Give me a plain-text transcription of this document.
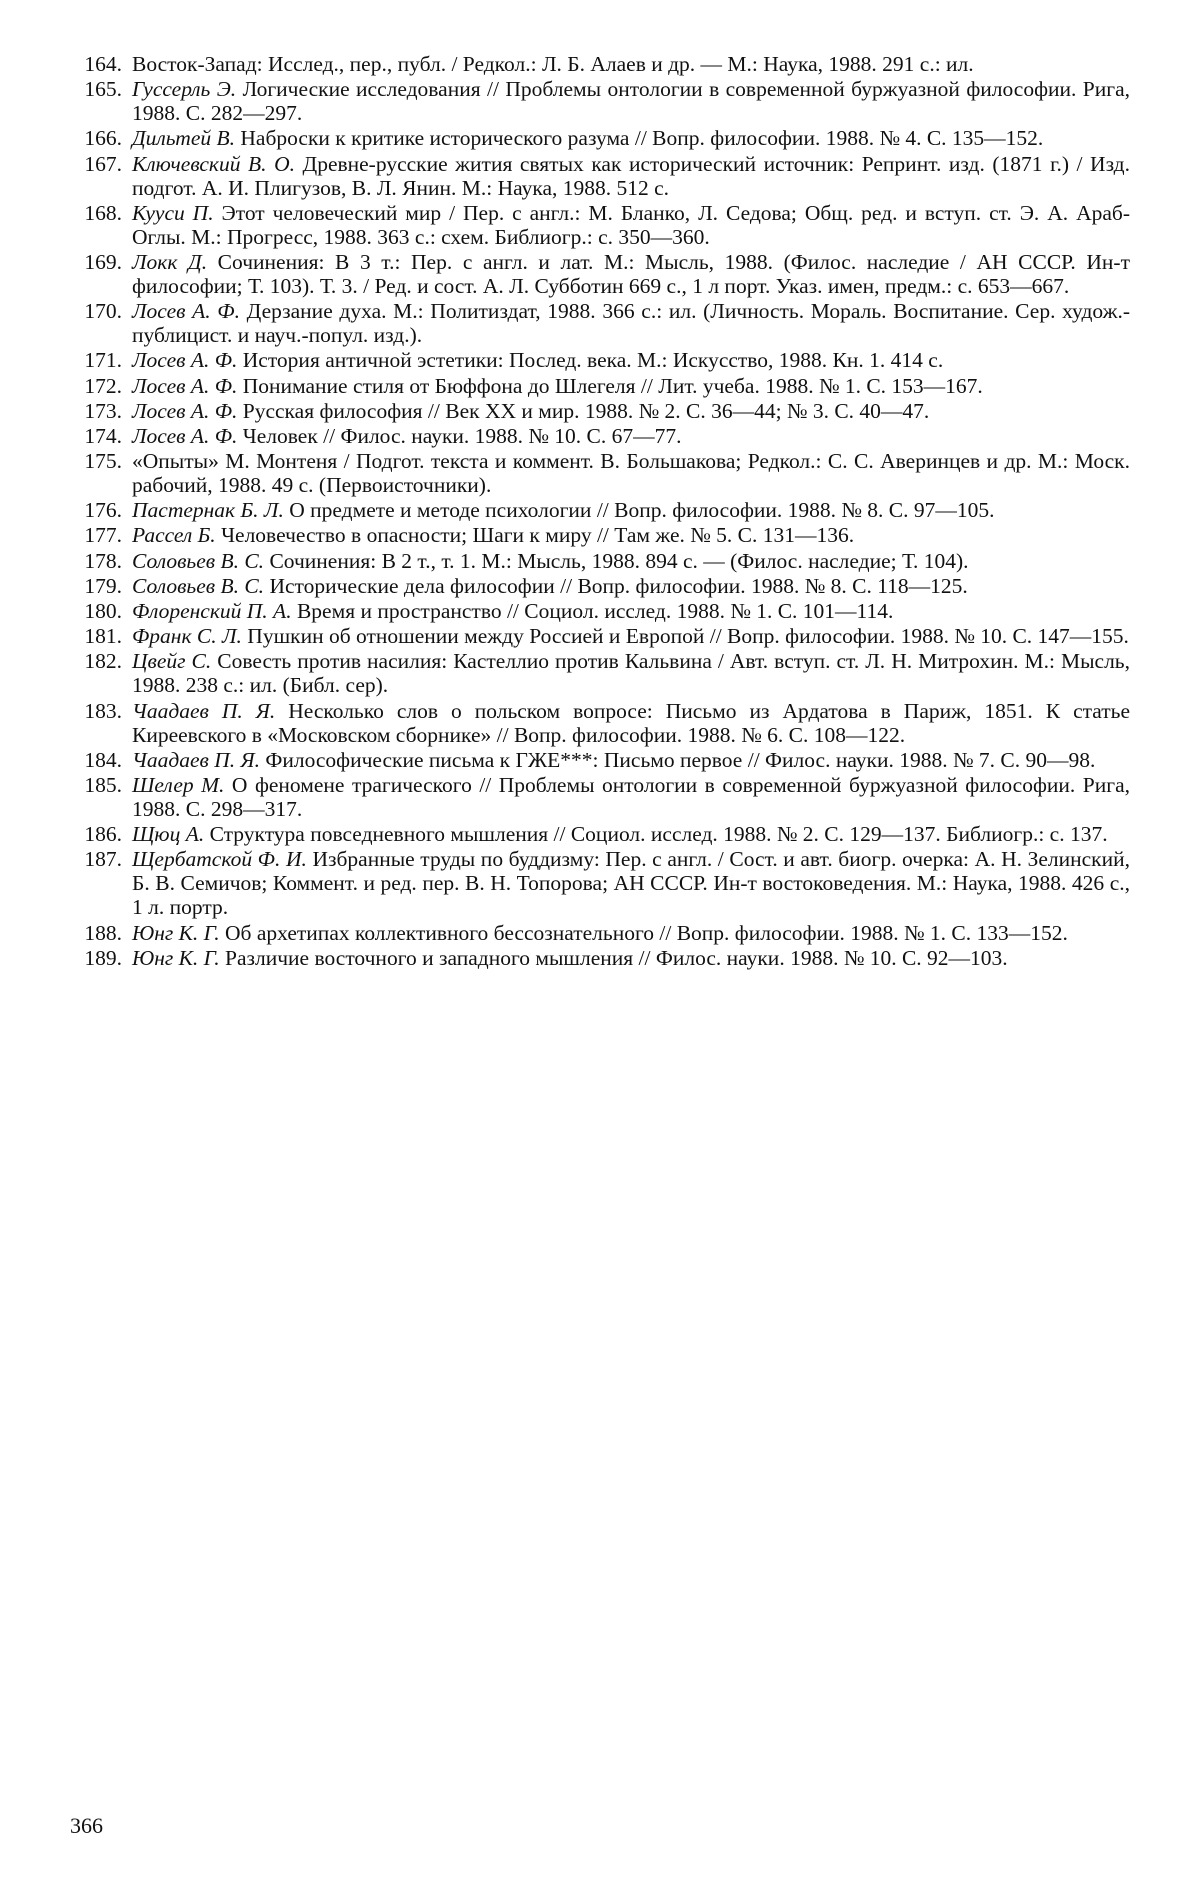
164. Восток-Запад: Исслед., пер., публ. / Редкол.: Л. Б. Алаев и др. — М.: Наука, 1988. 291 с.: ил.
165. Гуссерль Э. Логические исследования // Проблемы онтологии в современной буржуазной философии. Рига, 1988. С. 282—297.
166. Дильтей В. Наброски к критике исторического разума // Вопр. философии. 1988. № 4. С. 135—152.
167. Ключевский В. О. Древне-русские жития святых как исторический источник: Репринт. изд. (1871 г.) / Изд. подгот. А. И. Плигузов, В. Л. Янин. М.: Наука, 1988. 512 с.
168. Кууси П. Этот человеческий мир / Пер. с англ.: М. Бланко, Л. Седова; Общ. ред. и вступ. ст. Э. А. Араб-Оглы. М.: Прогресс, 1988. 363 с.: схем. Библиогр.: с. 350—360.
169. Локк Д. Сочинения: В 3 т.: Пер. с англ. и лат. М.: Мысль, 1988. (Филос. наследие / АН СССР. Ин-т философии; Т. 103). Т. 3. / Ред. и сост. А. Л. Субботин 669 с., 1 л порт. Указ. имен, предм.: с. 653—667.
170. Лосев А. Ф. Дерзание духа. М.: Политиздат, 1988. 366 с.: ил. (Личность. Мораль. Воспитание. Сер. худож.-публицист. и науч.-попул. изд.).
171. Лосев А. Ф. История античной эстетики: Послед. века. М.: Искусство, 1988. Кн. 1. 414 с.
172. Лосев А. Ф. Понимание стиля от Бюффона до Шлегеля // Лит. учеба. 1988. № 1. С. 153—167.
173. Лосев А. Ф. Русская философия // Век XX и мир. 1988. № 2. С. 36—44; № 3. С. 40—47.
174. Лосев А. Ф. Человек // Филос. науки. 1988. № 10. С. 67—77.
175. «Опыты» М. Монтеня / Подгот. текста и коммент. В. Большакова; Редкол.: С. С. Аверинцев и др. М.: Моск. рабочий, 1988. 49 с. (Первоисточники).
176. Пастернак Б. Л. О предмете и методе психологии // Вопр. философии. 1988. № 8. С. 97—105.
177. Рассел Б. Человечество в опасности; Шаги к миру // Там же. № 5. С. 131—136.
178. Соловьев В. С. Сочинения: В 2 т., т. 1. М.: Мысль, 1988. 894 с. — (Филос. наследие; Т. 104).
179. Соловьев В. С. Исторические дела философии // Вопр. философии. 1988. № 8. С. 118—125.
180. Флоренский П. А. Время и пространство // Социол. исслед. 1988. № 1. С. 101—114.
181. Франк С. Л. Пушкин об отношении между Россией и Европой // Вопр. философии. 1988. № 10. С. 147—155.
182. Цвейг С. Совесть против насилия: Кастеллио против Кальвина / Авт. вступ. ст. Л. Н. Митрохин. М.: Мысль, 1988. 238 с.: ил. (Библ. сер).
183. Чаадаев П. Я. Несколько слов о польском вопросе: Письмо из Ардатова в Париж, 1851. К статье Киреевского в «Московском сборнике» // Вопр. философии. 1988. № 6. С. 108—122.
184. Чаадаев П. Я. Философические письма к ГЖЕ***: Письмо первое // Филос. науки. 1988. № 7. С. 90—98.
185. Шелер М. О феномене трагического // Проблемы онтологии в современной буржуазной философии. Рига, 1988. С. 298—317.
186. Щюц А. Структура повседневного мышления // Социол. исслед. 1988. № 2. С. 129—137. Библиогр.: с. 137.
187. Щербатской Ф. И. Избранные труды по буддизму: Пер. с англ. / Сост. и авт. биогр. очерка: А. Н. Зелинский, Б. В. Семичов; Коммент. и ред. пер. В. Н. Топорова; АН СССР. Ин-т востоковедения. М.: Наука, 1988. 426 с., 1 л. портр.
188. Юнг К. Г. Об архетипах коллективного бессознательного // Вопр. философии. 1988. № 1. С. 133—152.
189. Юнг К. Г. Различие восточного и западного мышления // Филос. науки. 1988. № 10. С. 92—103.
366
